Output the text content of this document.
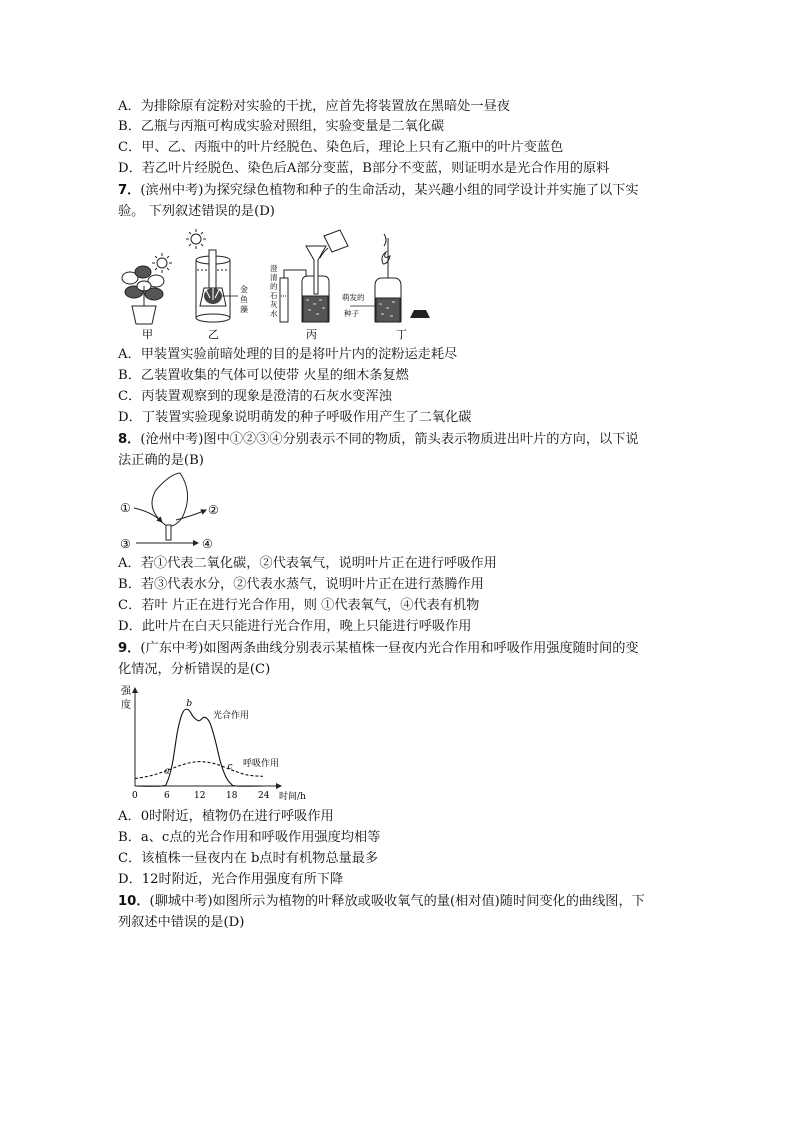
A．为排除原有淀粉对实验的干扰，应首先将装置放在黑暗处一昼夜
B．乙瓶与丙瓶可构成实验对照组，实验变量是二氧化碳
C．甲、乙、丙瓶中的叶片经脱色、染色后，理论上只有乙瓶中的叶片变蓝色
D．若乙叶片经脱色、染色后A部分变蓝，B部分不变蓝，则证明水是光合作用的原料
7．(滨州中考)为探究绿色植物和种子的生命活动，某兴趣小组的同学设计并实施了以下实
验。 下列叙述错误的是(D)
甲
金鱼藻
乙
澄清的石灰水
丙
萌发的种子
丁
A．甲装置实验前暗处理的目的是将叶片内的淀粉运走耗尽
B．乙装置收集的气体可以使带 火星的细木条复燃
C．丙装置观察到的现象是澄清的石灰水变浑浊
D．丁装置实验现象说明萌发的种子呼吸作用产生了二氧化碳
8．(沧州中考)图中①②③④分别表示不同的物质，箭头表示物质进出叶片的方向，以下说
法正确的是(B)
①	②
③	④
A．若①代表二氧化碳，②代表氧气，说明叶片正在进行呼吸作用
B．若③代表水分，②代表水蒸气，说明叶片正在进行蒸腾作用
C．若叶 片正在进行光合作用，则 ①代表氧气，④代表有机物
D．此叶片在白天只能进行光合作用，晚上只能进行呼吸作用
9．(广东中考)如图两条曲线分别表示某植株一昼夜内光合作用和呼吸作用强度随时间的变
化情况，分析错误的是(C)
强 度
时间/h
0	6	12 18 24
a
b
c
光合作用
呼吸作用
A．0时附近，植物仍在进行呼吸作用
B．a、c点的光合作用和呼吸作用强度均相等
C．该植株一昼夜内在 b点时有机物总量最多
D．12时附近，光合作用强度有所下降
10．(聊城中考)如图所示为植物的叶释放或吸收氧气的量(相对值)随时间变化的曲线图，下
列叙述中错误的是(D)
